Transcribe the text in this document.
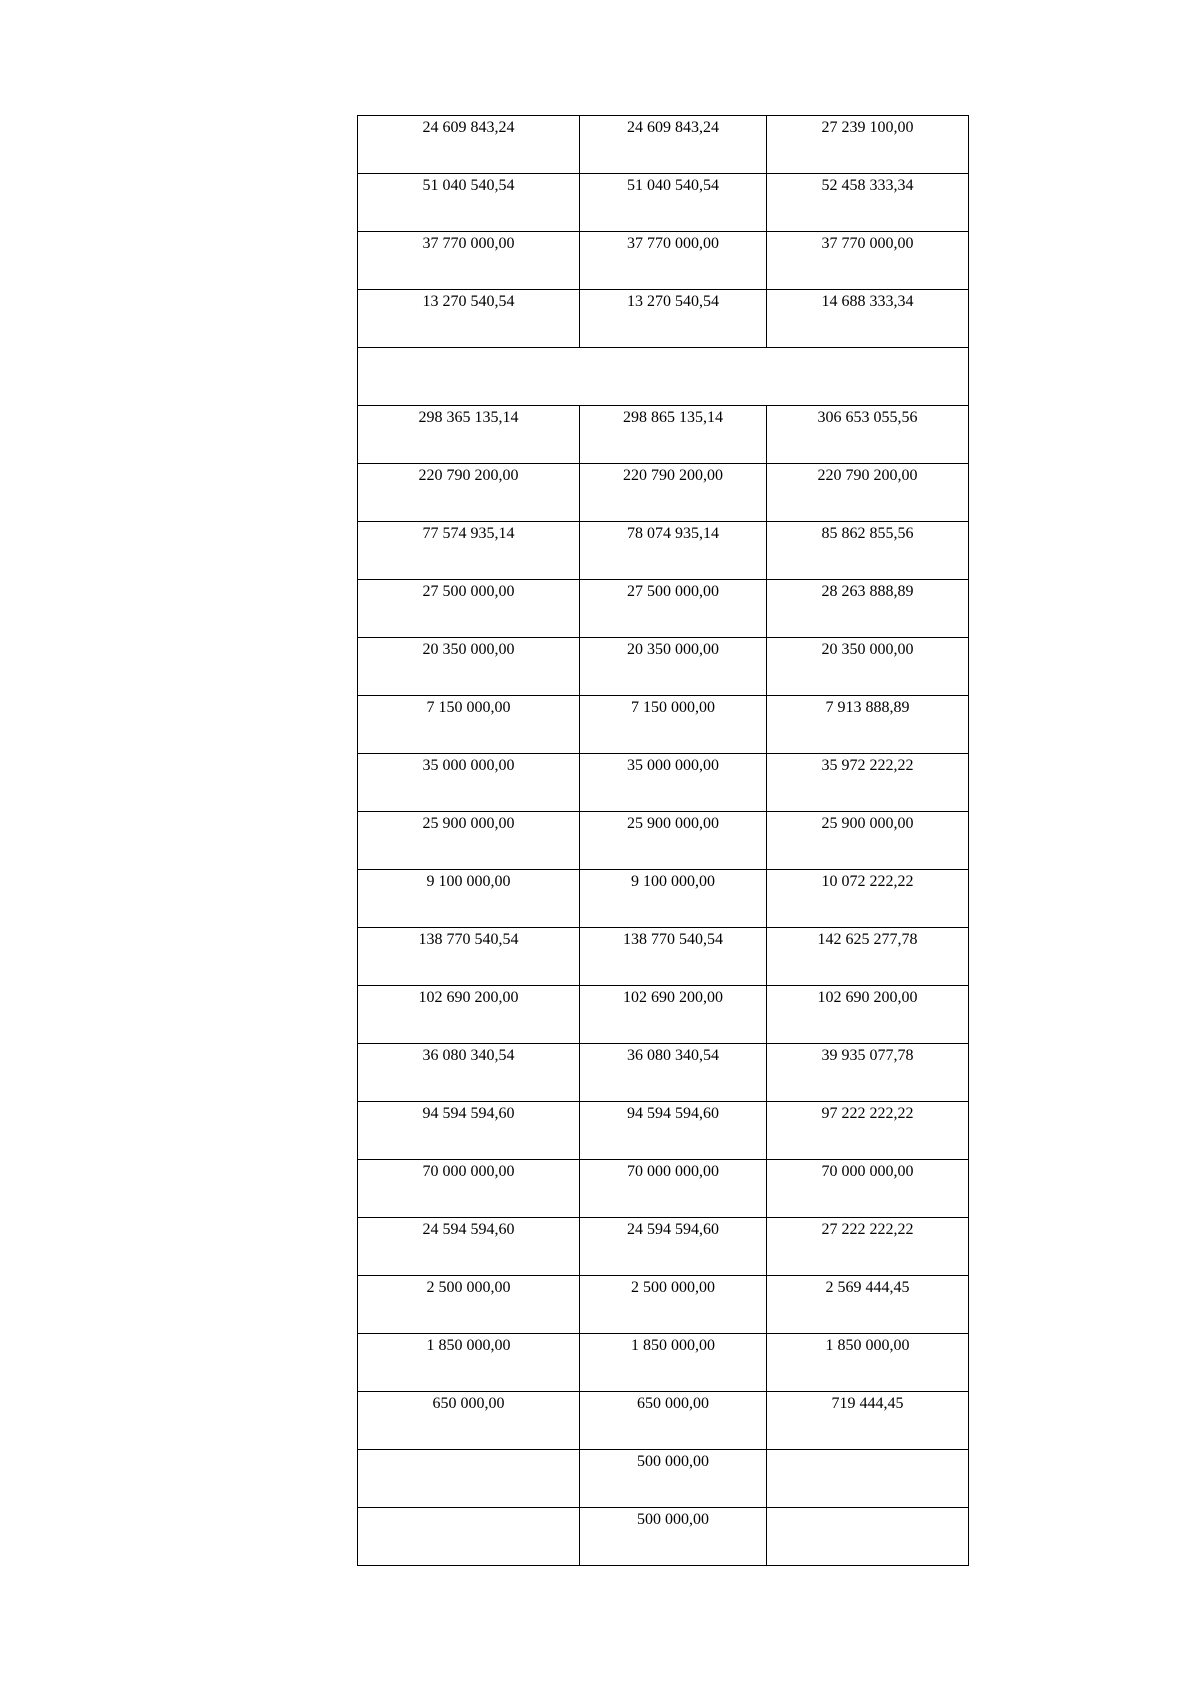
24 609 843,24	24 609 843,24	27 239 100,00
51 040 540,54	51 040 540,54	52 458 333,34
37 770 000,00	37 770 000,00	37 770 000,00
13 270 540,54	13 270 540,54	14 688 333,34

298 365 135,14	298 865 135,14	306 653 055,56
220 790 200,00	220 790 200,00	220 790 200,00
77 574 935,14	78 074 935,14	85 862 855,56
27 500 000,00	27 500 000,00	28 263 888,89
20 350 000,00	20 350 000,00	20 350 000,00
7 150 000,00	7 150 000,00	7 913 888,89
35 000 000,00	35 000 000,00	35 972 222,22
25 900 000,00	25 900 000,00	25 900 000,00
9 100 000,00	9 100 000,00	10 072 222,22
138 770 540,54	138 770 540,54	142 625 277,78
102 690 200,00	102 690 200,00	102 690 200,00
36 080 340,54	36 080 340,54	39 935 077,78
94 594 594,60	94 594 594,60	97 222 222,22
70 000 000,00	70 000 000,00	70 000 000,00
24 594 594,60	24 594 594,60	27 222 222,22
2 500 000,00	2 500 000,00	2 569 444,45
1 850 000,00	1 850 000,00	1 850 000,00
650 000,00	650 000,00	719 444,45
	500 000,00	
	500 000,00	
